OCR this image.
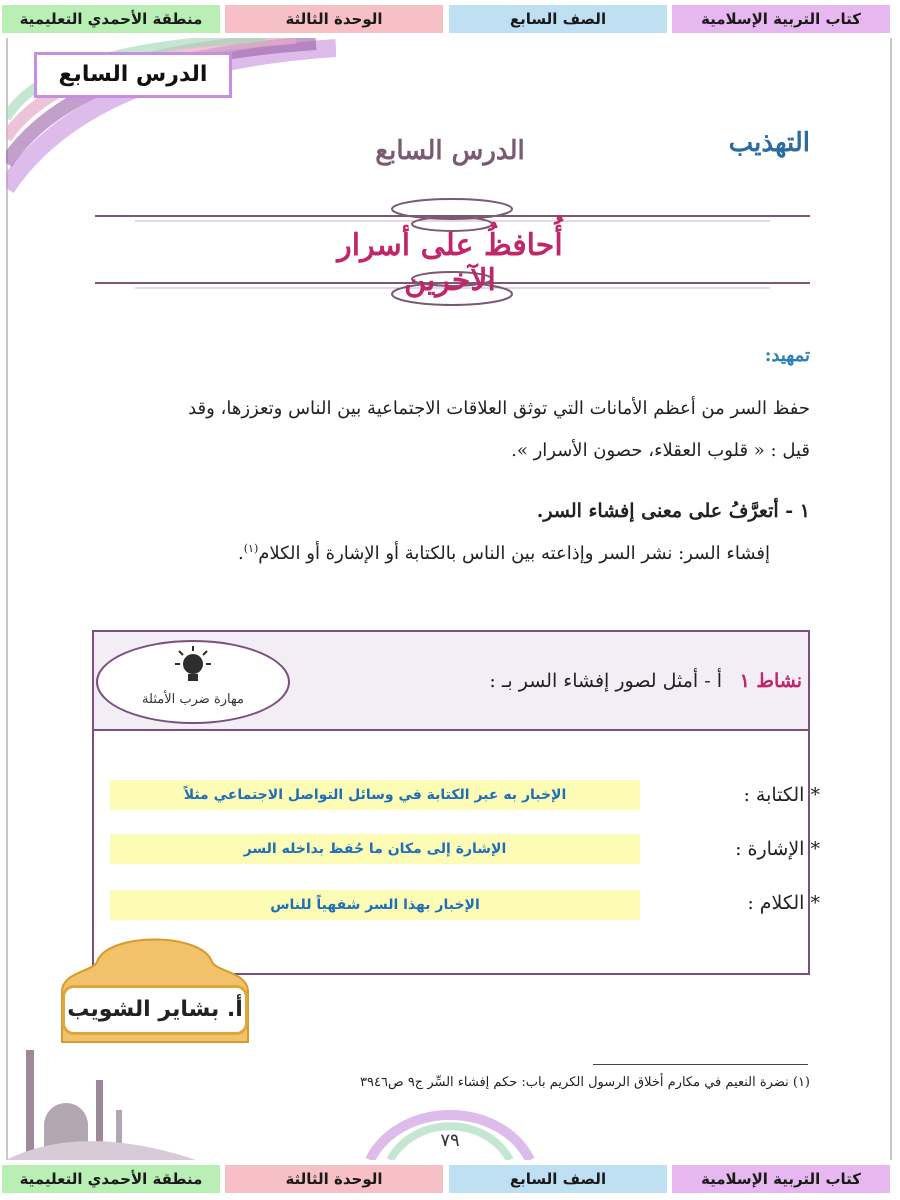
كتاب التربية الإسلامية
الصف السابع
الوحدة الثالثة
منطقة الأحمدي التعليمية
الدرس السابع
التهذيب
الدرس السابع
أُحافظُ على أسرار الآخرين
تمهيد:
حفظ السر من أعظم الأمانات التي توثق العلاقات الاجتماعية بين الناس وتعززها، وقد
قيل : « قلوب العقلاء، حصون الأسرار ».
١ - أتعرَّفُ على معنى إفشاء السر.
إفشاء السر: نشر السر وإذاعته بين الناس بالكتابة أو الإشارة أو الكلام$^{(١)}$.
نشاط ١
أ - أمثل لصور إفشاء السر بـ :
مهارة ضرب الأمثلة
* الكتابة :
الإخبار به عبر الكتابة في وسائل التواصل الاجتماعي مثلاً
* الإشارة :
الإشارة إلى مكان ما حُفظ بداخله السر
* الكلام :
الإخبار بهذا السر شفهياً للناس
أ. بشاير الشويب
(١) نضرة النعيم في مكارم أخلاق الرسول الكريم باب: حكم إفشاء السِّر ج٩ ص٣٩٤٦
٧٩
كتاب التربية الإسلامية
الصف السابع
الوحدة الثالثة
منطقة الأحمدي التعليمية
